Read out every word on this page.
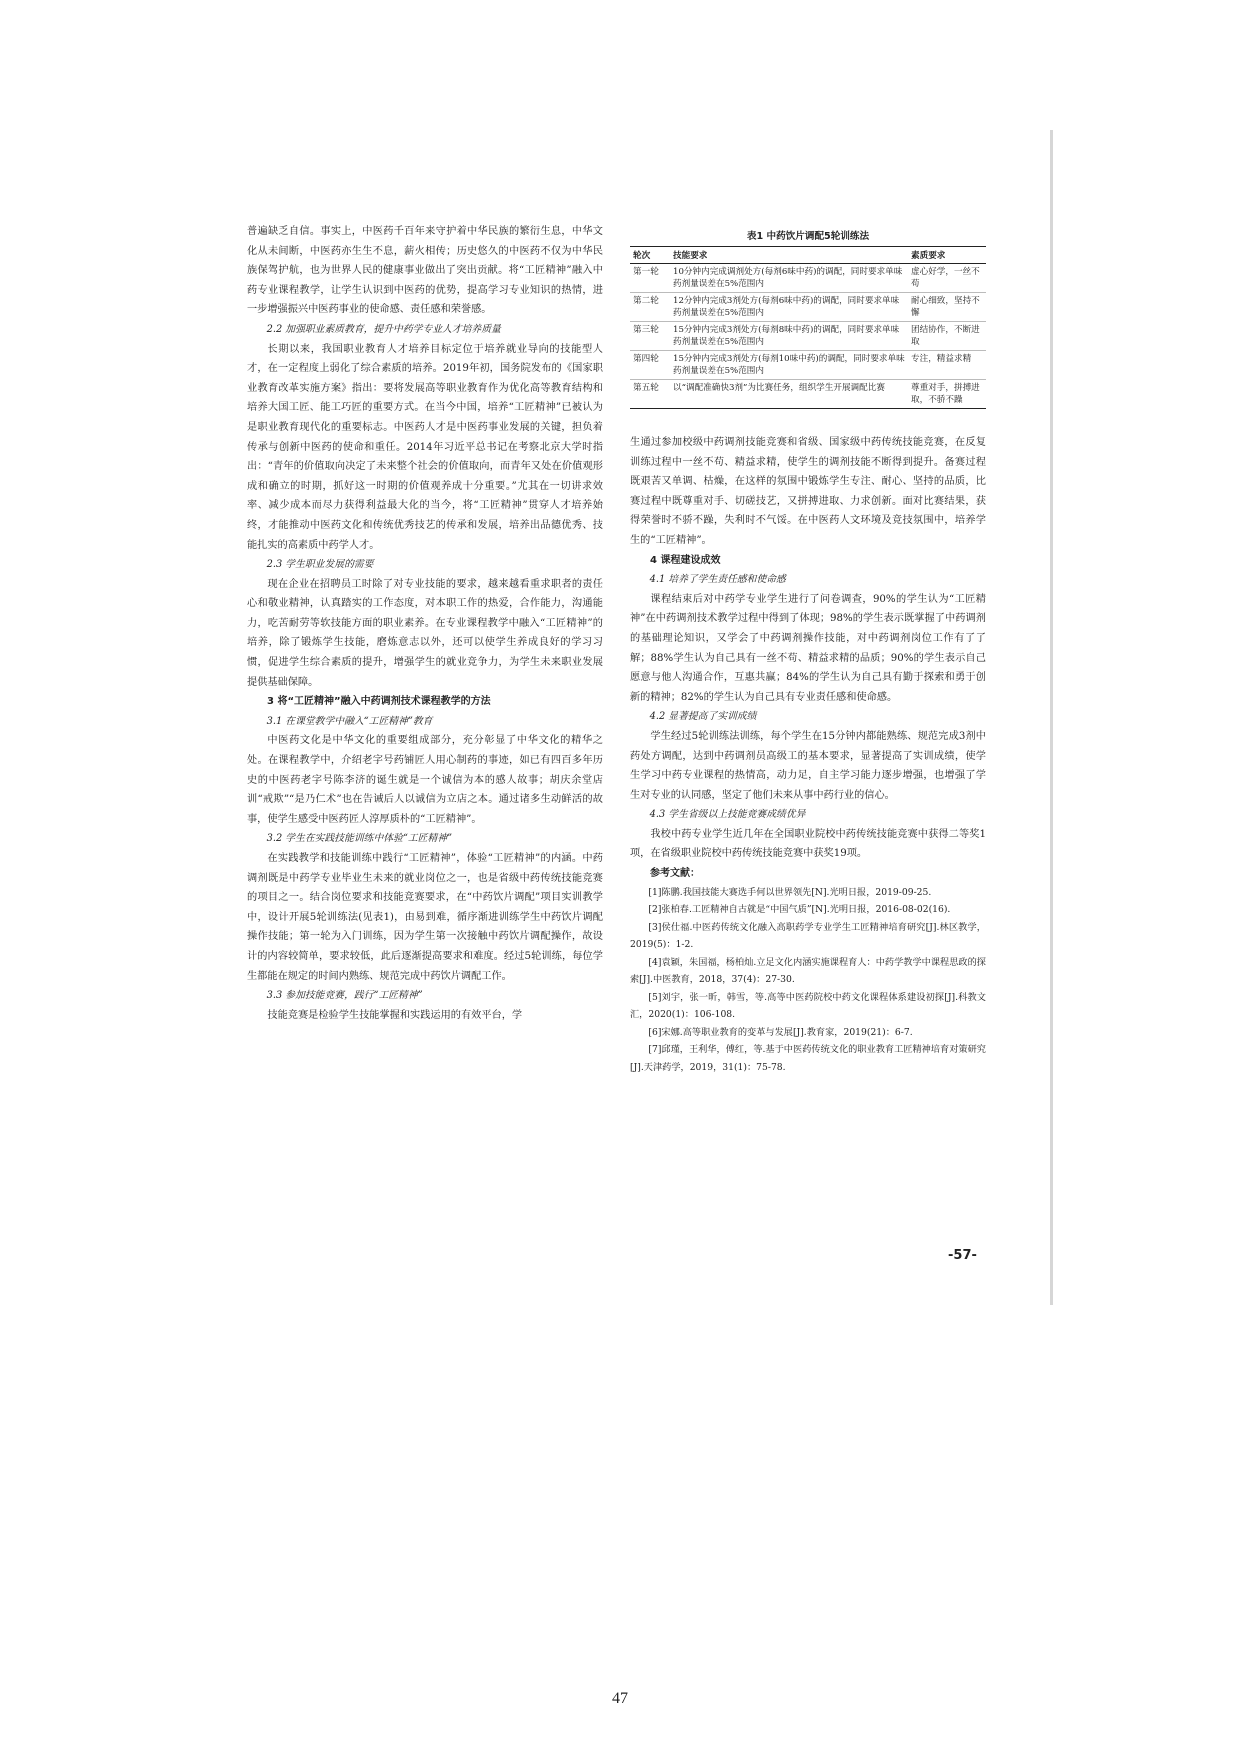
普遍缺乏自信。事实上，中医药千百年来守护着中华民族的繁衍生息，中华文化从未间断，中医药亦生生不息，薪火相传；历史悠久的中医药不仅为中华民族保驾护航，也为世界人民的健康事业做出了突出贡献。将“工匠精神”融入中药专业课程教学，让学生认识到中医药的优势，提高学习专业知识的热情，进一步增强振兴中医药事业的使命感、责任感和荣誉感。

2.2 加强职业素质教育，提升中药学专业人才培养质量

长期以来，我国职业教育人才培养目标定位于培养就业导向的技能型人才，在一定程度上弱化了综合素质的培养。2019年初，国务院发布的《国家职业教育改革实施方案》指出：要将发展高等职业教育作为优化高等教育结构和培养大国工匠、能工巧匠的重要方式。在当今中国，培养“工匠精神”已被认为是职业教育现代化的重要标志。中医药人才是中医药事业发展的关键，担负着传承与创新中医药的使命和重任。2014年习近平总书记在考察北京大学时指出：“青年的价值取向决定了未来整个社会的价值取向，而青年又处在价值观形成和确立的时期，抓好这一时期的价值观养成十分重要。”尤其在一切讲求效率、减少成本而尽力获得利益最大化的当今，将“工匠精神”贯穿人才培养始终，才能推动中医药文化和传统优秀技艺的传承和发展，培养出品德优秀、技能扎实的高素质中药学人才。

2.3 学生职业发展的需要

现在企业在招聘员工时除了对专业技能的要求，越来越看重求职者的责任心和敬业精神，认真踏实的工作态度，对本职工作的热爱，合作能力，沟通能力，吃苦耐劳等软技能方面的职业素养。在专业课程教学中融入“工匠精神”的培养，除了锻炼学生技能，磨炼意志以外，还可以使学生养成良好的学习习惯，促进学生综合素质的提升，增强学生的就业竞争力，为学生未来职业发展提供基础保障。

3 将“工匠精神”融入中药调剂技术课程教学的方法

3.1 在课堂教学中融入“工匠精神”教育

中医药文化是中华文化的重要组成部分，充分彰显了中华文化的精华之处。在课程教学中，介绍老字号药铺匠人用心制药的事迹，如已有四百多年历史的中医药老字号陈李济的诞生就是一个诚信为本的感人故事；胡庆余堂店训“戒欺”“是乃仁术”也在告诫后人以诚信为立店之本。通过诸多生动鲜活的故事，使学生感受中医药匠人淳厚质朴的“工匠精神”。

3.2 学生在实践技能训练中体验“工匠精神”

在实践教学和技能训练中践行“工匠精神”，体验“工匠精神”的内涵。中药调剂既是中药学专业毕业生未来的就业岗位之一，也是省级中药传统技能竞赛的项目之一。结合岗位要求和技能竞赛要求，在“中药饮片调配”项目实训教学中，设计开展5轮训练法(见表1)，由易到难，循序渐进训练学生中药饮片调配操作技能；第一轮为入门训练，因为学生第一次接触中药饮片调配操作，故设计的内容较简单，要求较低，此后逐渐提高要求和难度。经过5轮训练，每位学生都能在规定的时间内熟练、规范完成中药饮片调配工作。

3.3 参加技能竞赛，践行“工匠精神”

技能竞赛是检验学生技能掌握和实践运用的有效平台，学

表1 中药饮片调配5轮训练法
轮次	技能要求	素质要求
第一轮	10分钟内完成调剂处方(每剂6味中药)的调配，同时要求单味药剂量误差在5%范围内	虚心好学，一丝不苟
第二轮	12分钟内完成3剂处方(每剂6味中药)的调配，同时要求单味药剂量误差在5%范围内	耐心细致，坚持不懈
第三轮	15分钟内完成3剂处方(每剂8味中药)的调配，同时要求单味药剂量误差在5%范围内	团结协作，不断进取
第四轮	15分钟内完成3剂处方(每剂10味中药)的调配，同时要求单味药剂量误差在5%范围内	专注，精益求精
第五轮	以“调配准确快3剂”为比赛任务，组织学生开展调配比赛	尊重对手，拼搏进取，不骄不躁

生通过参加校级中药调剂技能竞赛和省级、国家级中药传统技能竞赛，在反复训练过程中一丝不苟、精益求精，使学生的调剂技能不断得到提升。备赛过程既艰苦又单调、枯燥，在这样的氛围中锻炼学生专注、耐心、坚持的品质，比赛过程中既尊重对手、切磋技艺，又拼搏进取、力求创新。面对比赛结果，获得荣誉时不骄不躁，失利时不气馁。在中医药人文环境及竞技氛围中，培养学生的“工匠精神”。

4 课程建设成效

4.1 培养了学生责任感和使命感

课程结束后对中药学专业学生进行了问卷调查，90%的学生认为“工匠精神”在中药调剂技术教学过程中得到了体现；98%的学生表示既掌握了中药调剂的基础理论知识，又学会了中药调剂操作技能，对中药调剂岗位工作有了了解；88%学生认为自己具有一丝不苟、精益求精的品质；90%的学生表示自己愿意与他人沟通合作，互惠共赢；84%的学生认为自己具有勤于探索和勇于创新的精神；82%的学生认为自己具有专业责任感和使命感。

4.2 显著提高了实训成绩

学生经过5轮训练法训练，每个学生在15分钟内都能熟练、规范完成3剂中药处方调配，达到中药调剂员高级工的基本要求，显著提高了实训成绩，使学生学习中药专业课程的热情高，动力足，自主学习能力逐步增强，也增强了学生对专业的认同感，坚定了他们未来从事中药行业的信心。

4.3 学生省级以上技能竞赛成绩优异

我校中药专业学生近几年在全国职业院校中药传统技能竞赛中获得二等奖1项，在省级职业院校中药传统技能竞赛中获奖19项。

参考文献：

[1]陈鹏.我国技能大赛选手何以世界领先[N].光明日报，2019-09-25.

[2]张柏春.工匠精神自古就是“中国气质”[N].光明日报，2016-08-02(16).

[3]侯仕福.中医药传统文化融入高职药学专业学生工匠精神培育研究[J].林区教学，2019(5)：1-2.

[4]袁颖，朱国福，杨柏灿.立足文化内涵实施课程育人：中药学教学中课程思政的探索[J].中医教育，2018，37(4)：27-30.

[5]刘宇，张一昕，韩雪，等.高等中医药院校中药文化课程体系建设初探[J].科教文汇，2020(1)：106-108.

[6]宋娜.高等职业教育的变革与发展[J].教育家，2019(21)：6-7.

[7]邱瑾，王利华，傅红，等.基于中医药传统文化的职业教育工匠精神培育对策研究[J].天津药学，2019，31(1)：75-78.

-57-
47
